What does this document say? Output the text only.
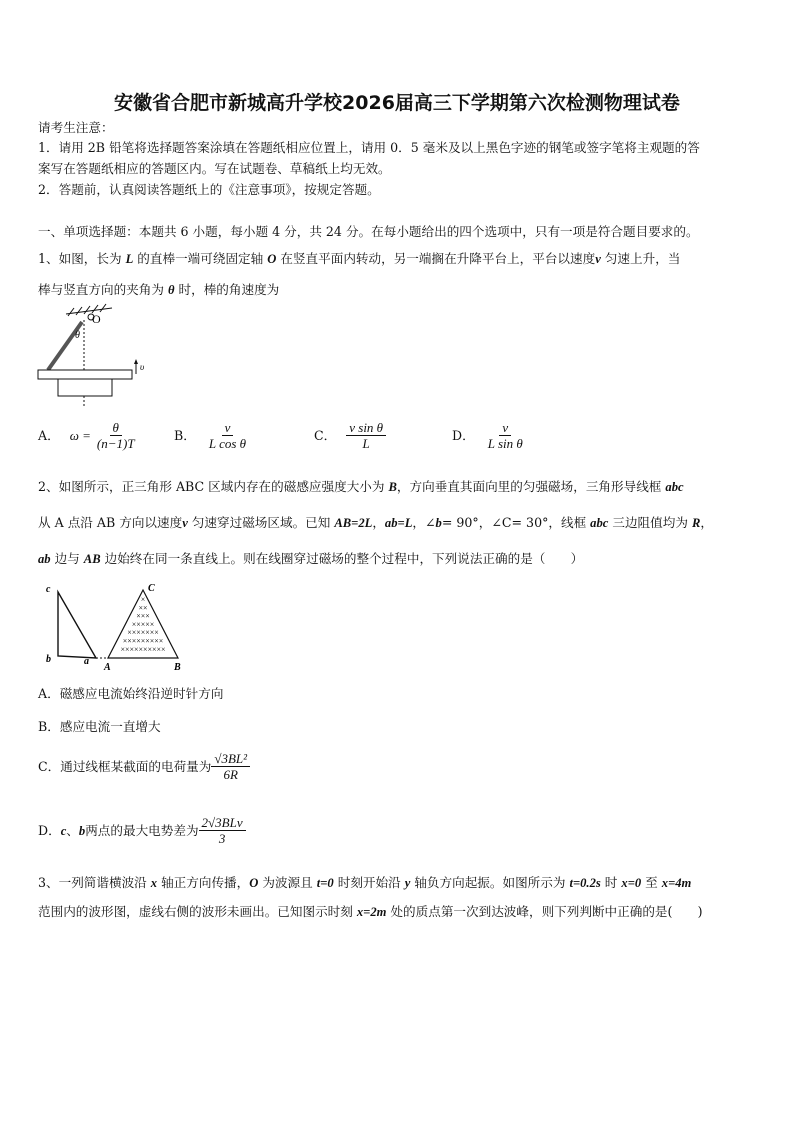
安徽省合肥市新城高升学校2026届高三下学期第六次检测物理试卷
请考生注意：
1．请用 2B 铅笔将选择题答案涂填在答题纸相应位置上，请用 0．5 毫米及以上黑色字迹的钢笔或签字笔将主观题的答
案写在答题纸相应的答题区内。写在试题卷、草稿纸上均无效。
2．答题前，认真阅读答题纸上的《注意事项》，按规定答题。
一、单项选择题：本题共 6 小题，每小题 4 分，共 24 分。在每小题给出的四个选项中，只有一项是符合题目要求的。
1、如图，长为 L 的直棒一端可绕固定轴 O 在竖直平面内转动，另一端搁在升降平台上，平台以速度v 匀速上升，当
棒与竖直方向的夹角为 θ 时，棒的角速度为
O
θ
υ
A． $\omega = \frac{\theta}{(n-1)T}$	B． $\frac{v}{\text{L cos θ}}$	C． $\frac{\text{v sin θ}}{L}$	D． $\frac{v}{\text{L sin θ}}$
2、如图所示，正三角形 ABC 区域内存在的磁感应强度大小为 B，方向垂直其面向里的匀强磁场，三角形导线框 abc
从 A 点沿 AB 方向以速度v 匀速穿过磁场区域。已知 AB=2L，ab=L，∠b= 90°，∠C= 30°，线框 abc 三边阻值均为 R，
ab 边与 AB 边始终在同一条直线上。则在线圈穿过磁场的整个过程中，下列说法正确的是（　　）
c
b	a
A	B
C
×
××
×××
×××××
×××××××
×××××××××
××××××××××
A．磁感应电流始终沿逆时针方向
B．感应电流一直增大
C．通过线框某截面的电荷量为 $\frac{\text{√3BL²}}{6R}$
D． c 、 b 两点的最大电势差为 $\frac{\text{2√3BLv}}{3}$
3、一列简谐横波沿 x 轴正方向传播，O 为波源且 t=0 时刻开始沿 y 轴负方向起振。如图所示为 t=0.2s 时 x=0 至 x=4m
范围内的波形图，虚线右侧的波形未画出。已知图示时刻 x=2m 处的质点第一次到达波峰，则下列判断中正确的是(　　)
